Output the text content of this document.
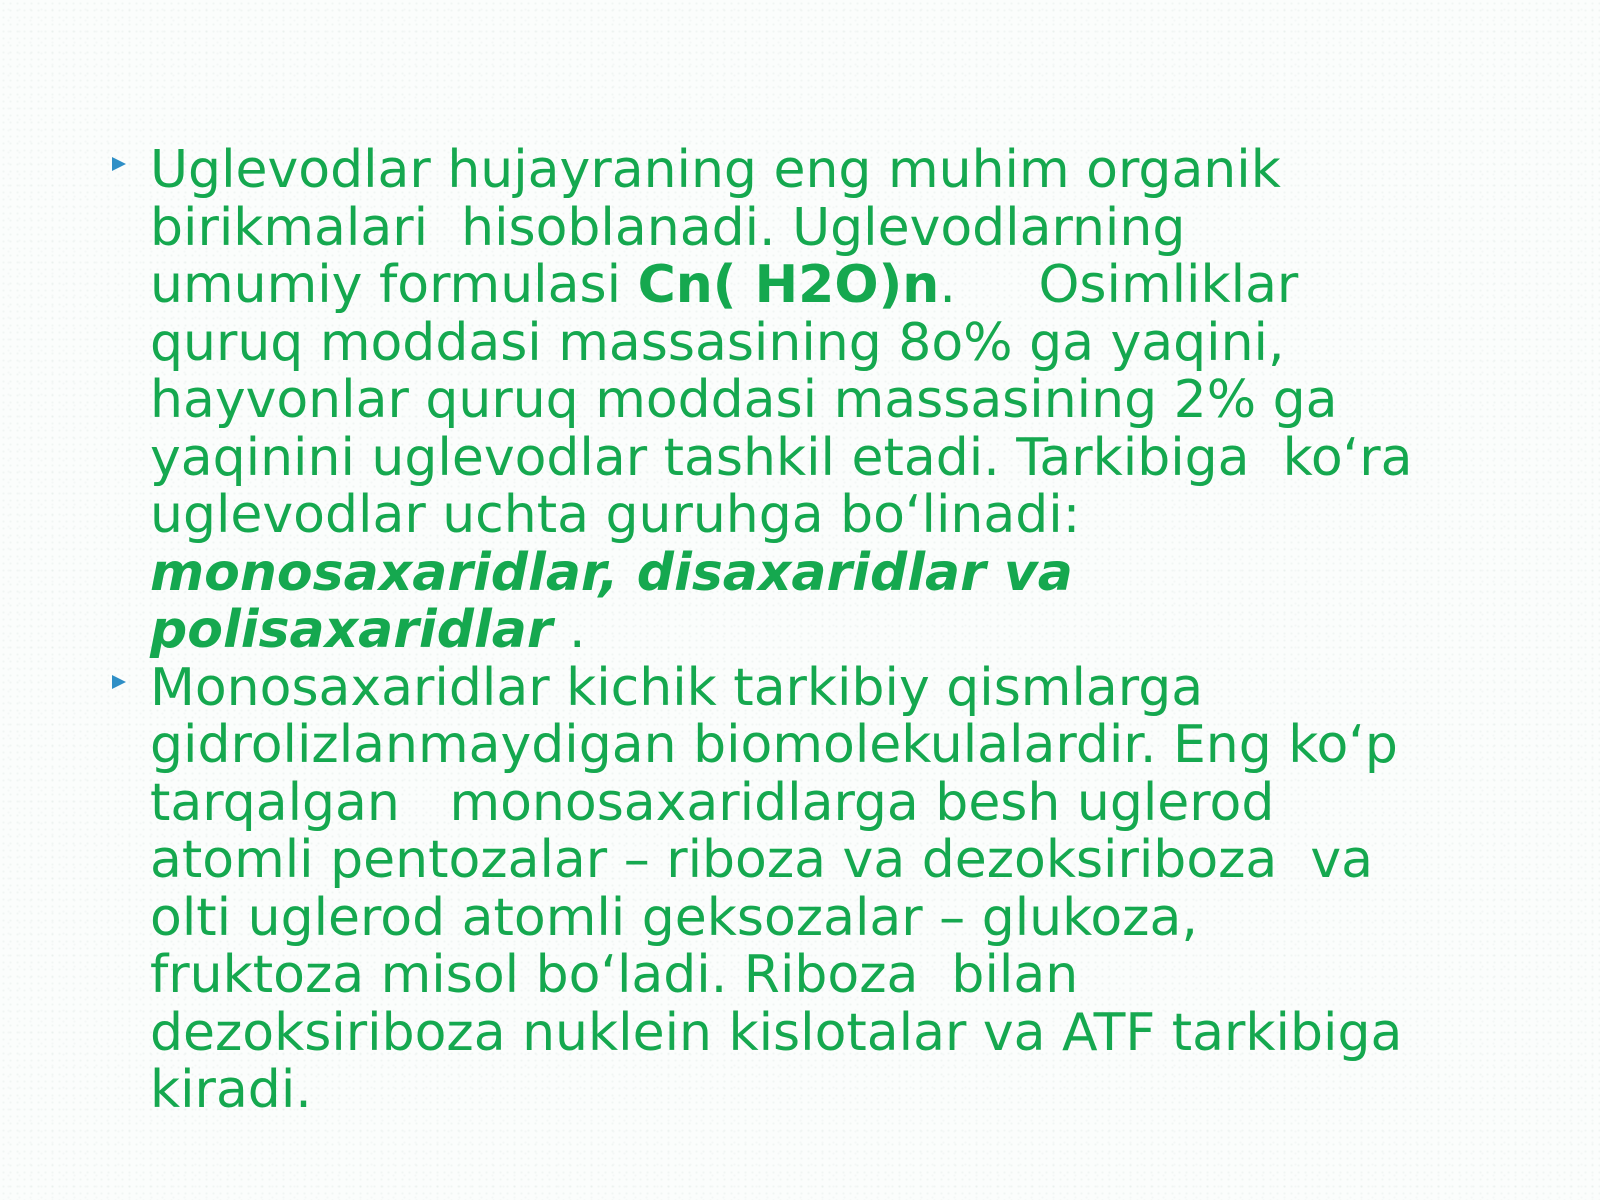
Uglevodlar hujayraning eng muhim organik
birikmalari  hisoblanadi. Uglevodlarning
umumiy formulasi Cn( H2O)n.     Osimliklar
quruq moddasi massasining 8o% ga yaqini,
hayvonlar quruq moddasi massasining 2% ga
yaqinini uglevodlar tashkil etadi. Tarkibiga  ko‘ra
uglevodlar uchta guruhga bo‘linadi:
monosaxaridlar, disaxaridlar va
polisaxaridlar .
Monosaxaridlar kichik tarkibiy qismlarga
gidrolizlanmaydigan biomolekulalardir. Eng ko‘p
tarqalgan   monosaxaridlarga besh uglerod
atomli pentozalar – riboza va dezoksiriboza  va
olti uglerod atomli geksozalar – glukoza,
fruktoza misol bo‘ladi. Riboza  bilan
dezoksiriboza nuklein kislotalar va ATF tarkibiga
kiradi.
